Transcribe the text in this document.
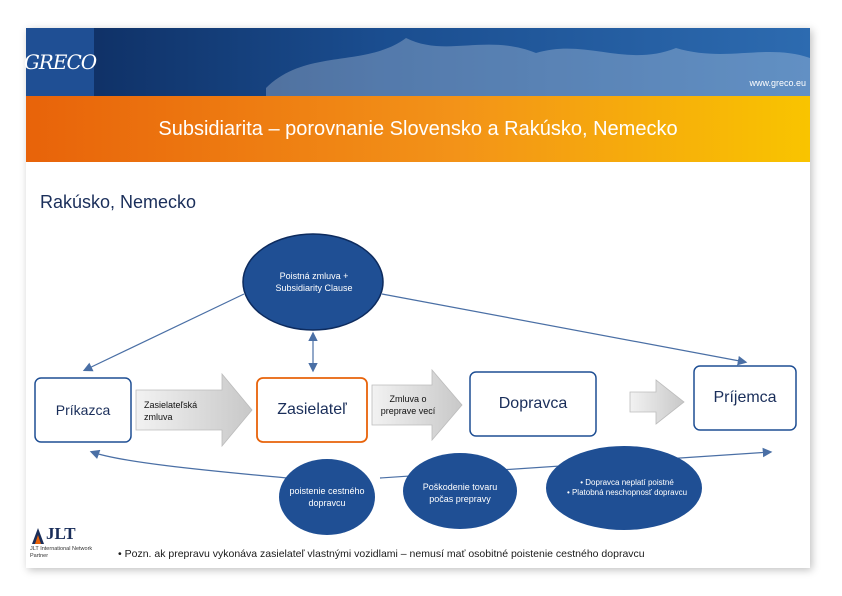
GRECO
www.greco.eu
Subsidiarita – porovnanie Slovensko a Rakúsko, Nemecko
Rakúsko, Nemecko
Poistná zmluva + Subsidiarity Clause
Príkazca	Zasielateľ	Dopravca	Príjemca
Zasielateľská zmluva
Zmluva o preprave vecí
poistenie cestného dopravcu
Poškodenie tovaru počas prepravy
• Dopravca neplatí poistné
• Platobná neschopnosť dopravcu
JLT
JLT International Network Partner	• Pozn. ak prepravu vykonáva zasielateľ vlastnými vozidlami – nemusí mať osobitné poistenie cestného dopravcu
